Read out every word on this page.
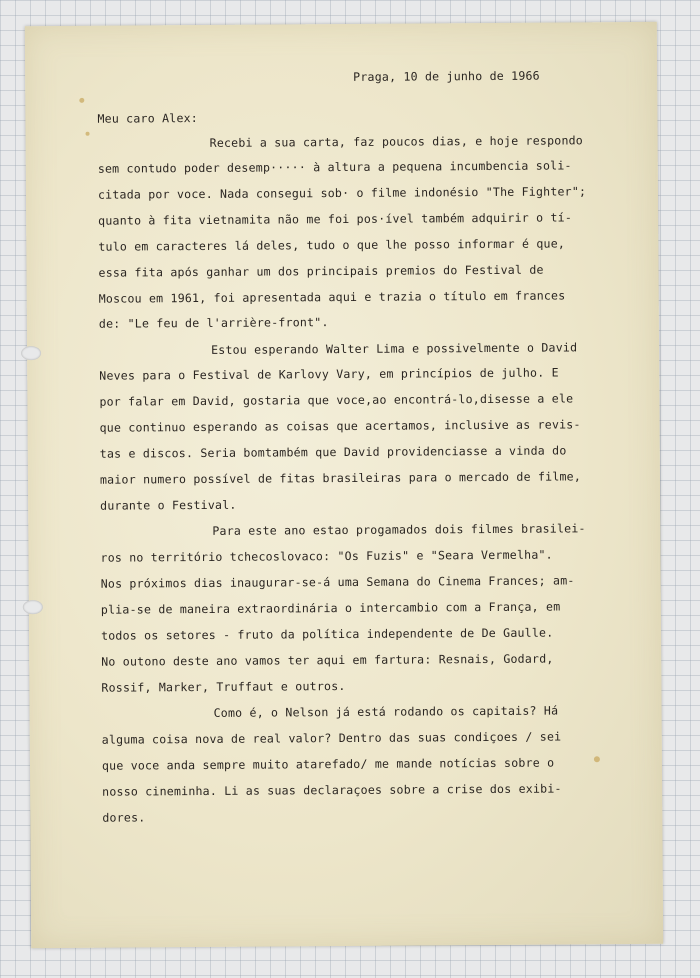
Praga, 10 de junho de 1966
Meu caro Alex:
Recebi a sua carta, faz poucos dias, e hoje respondo
sem contudo poder desemp····· à altura a pequena incumbencia soli-
citada por voce. Nada consegui sob· o filme indonésio "The Fighter";
quanto à fita vietnamita não me foi pos·ível também adquirir o tí-
tulo em caracteres lá deles, tudo o que lhe posso informar é que,
essa fita após ganhar um dos principais premios do Festival de
Moscou em 1961, foi apresentada aqui e trazia o título em frances
de: "Le feu de l'arrière-front".
Estou esperando Walter Lima e possivelmente o David
Neves para o Festival de Karlovy Vary, em princípios de julho. E
por falar em David, gostaria que voce,ao encontrá-lo,disesse a ele
que continuo esperando as coisas que acertamos, inclusive as revis‑
tas e discos. Seria bomtambém que David providenciasse a vinda do
maior numero possível de fitas brasileiras para o mercado de filme,
durante o Festival.
Para este ano estao progamados dois filmes brasilei-
ros no território tchecoslovaco: "Os Fuzis" e "Seara Vermelha".
Nos próximos dias inaugurar-se-á uma Semana do Cinema Frances; am-
plia-se de maneira extraordinária o intercambio com a França, em
todos os setores - fruto da política independente de De Gaulle.
No outono deste ano vamos ter aqui em fartura: Resnais, Godard,
Rossif, Marker, Truffaut e outros.
Como é, o Nelson já está rodando os capitais? Há
alguma coisa nova de real valor? Dentro das suas condiçoes / sei
que voce anda sempre muito atarefado/ me mande notícias sobre o
nosso cineminha. Li as suas declaraçoes sobre a crise dos exibi-
dores.
